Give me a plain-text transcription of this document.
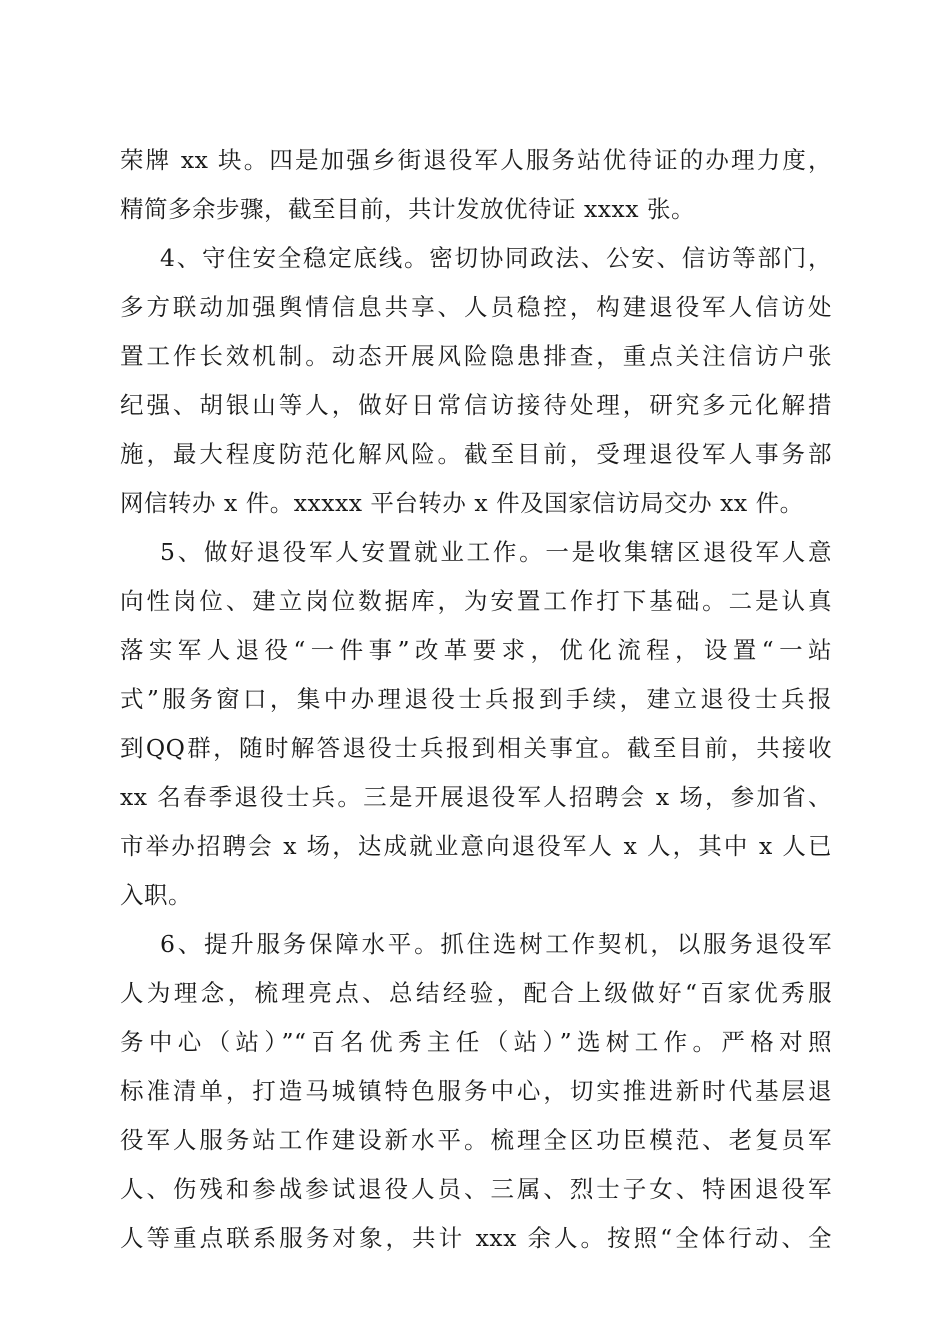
荣牌 xx 块。四是加强乡街退役军人服务站优待证的办理力度，
精简多余步骤，截至目前，共计发放优待证 xxxx 张。
4、守住安全稳定底线。密切协同政法、公安、信访等部门，
多方联动加强舆情信息共享、人员稳控，构建退役军人信访处
置工作长效机制。动态开展风险隐患排查，重点关注信访户张
纪强、胡银山等人，做好日常信访接待处理，研究多元化解措
施，最大程度防范化解风险。截至目前，受理退役军人事务部
网信转办 x 件。xxxxx 平台转办 x 件及国家信访局交办 xx 件。
5、做好退役军人安置就业工作。一是收集辖区退役军人意
向性岗位、建立岗位数据库，为安置工作打下基础。二是认真
落实军人退役“一件事”改革要求，优化流程，设置“一站
式”服务窗口，集中办理退役士兵报到手续，建立退役士兵报
到QQ群，随时解答退役士兵报到相关事宜。截至目前，共接收
xx 名春季退役士兵。三是开展退役军人招聘会 x 场，参加省、
市举办招聘会 x 场，达成就业意向退役军人 x 人，其中 x 人已
入职。
6、提升服务保障水平。抓住选树工作契机，以服务退役军
人为理念，梳理亮点、总结经验，配合上级做好“百家优秀服
务中心（站）”“百名优秀主任（站）”选树工作。严格对照
标准清单，打造马城镇特色服务中心，切实推进新时代基层退
役军人服务站工作建设新水平。梳理全区功臣模范、老复员军
人、伤残和参战参试退役人员、三属、烈士子女、特困退役军
人等重点联系服务对象，共计 xxx 余人。按照“全体行动、全
